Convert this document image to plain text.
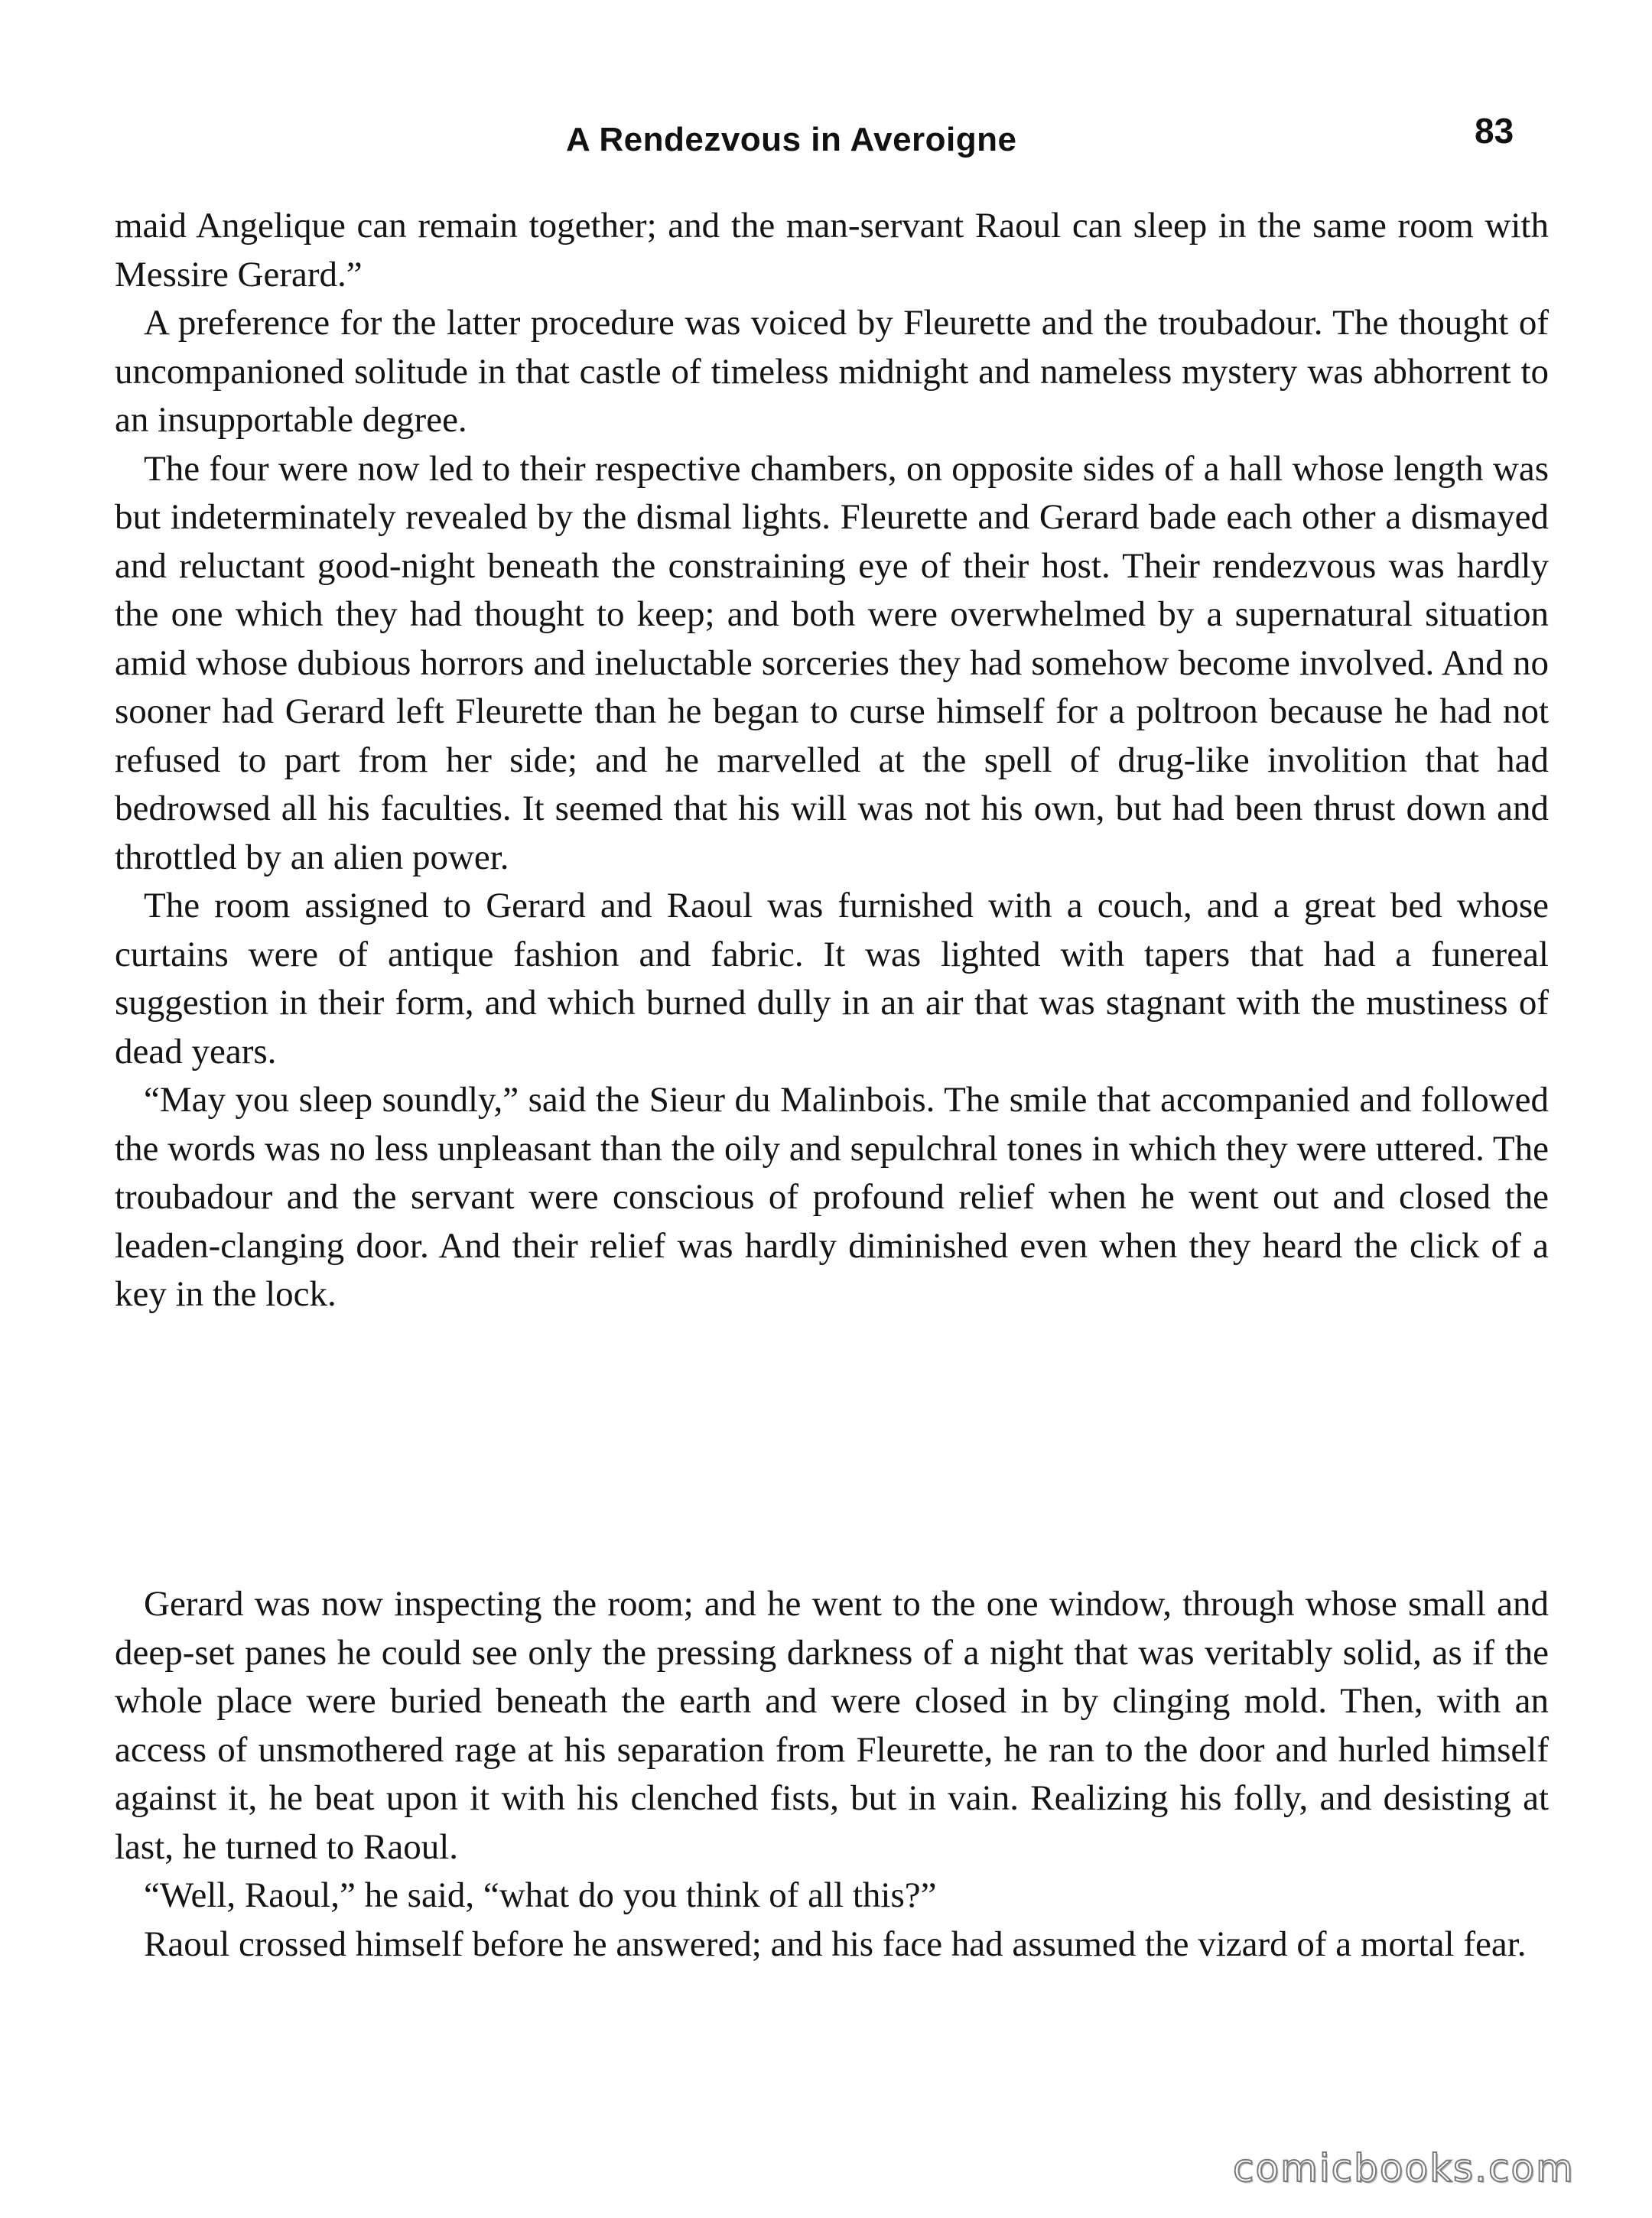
A Rendezvous in Averoigne	83

maid Angelique can remain together; and the man-servant Raoul can sleep in the same room with Messire Gerard.”

A preference for the latter procedure was voiced by Fleurette and the troubadour. The thought of uncompanioned solitude in that castle of timeless midnight and nameless mystery was abhorrent to an insupportable degree.

The four were now led to their respective chambers, on opposite sides of a hall whose length was but indeterminately revealed by the dismal lights. Fleurette and Gerard bade each other a dismayed and reluctant good-night beneath the constraining eye of their host. Their rendezvous was hardly the one which they had thought to keep; and both were overwhelmed by a supernatural situation amid whose dubious horrors and ineluctable sorceries they had somehow become involved. And no sooner had Gerard left Fleurette than he began to curse himself for a poltroon because he had not refused to part from her side; and he marvelled at the spell of drug-like involition that had bedrowsed all his faculties. It seemed that his will was not his own, but had been thrust down and throttled by an alien power.

The room assigned to Gerard and Raoul was furnished with a couch, and a great bed whose curtains were of antique fashion and fabric. It was lighted with tapers that had a funereal suggestion in their form, and which burned dully in an air that was stagnant with the mustiness of dead years.

“May you sleep soundly,” said the Sieur du Malinbois. The smile that accompanied and followed the words was no less unpleasant than the oily and sepulchral tones in which they were uttered. The troubadour and the servant were conscious of profound relief when he went out and closed the leaden-clanging door. And their relief was hardly diminished even when they heard the click of a key in the lock.

Gerard was now inspecting the room; and he went to the one window, through whose small and deep-set panes he could see only the pressing darkness of a night that was veritably solid, as if the whole place were buried beneath the earth and were closed in by clinging mold. Then, with an access of unsmothered rage at his separation from Fleurette, he ran to the door and hurled himself against it, he beat upon it with his clenched fists, but in vain. Realizing his folly, and desisting at last, he turned to Raoul.

“Well, Raoul,” he said, “what do you think of all this?”

Raoul crossed himself before he answered; and his face had assumed the vizard of a mortal fear.

comicbooks.com
